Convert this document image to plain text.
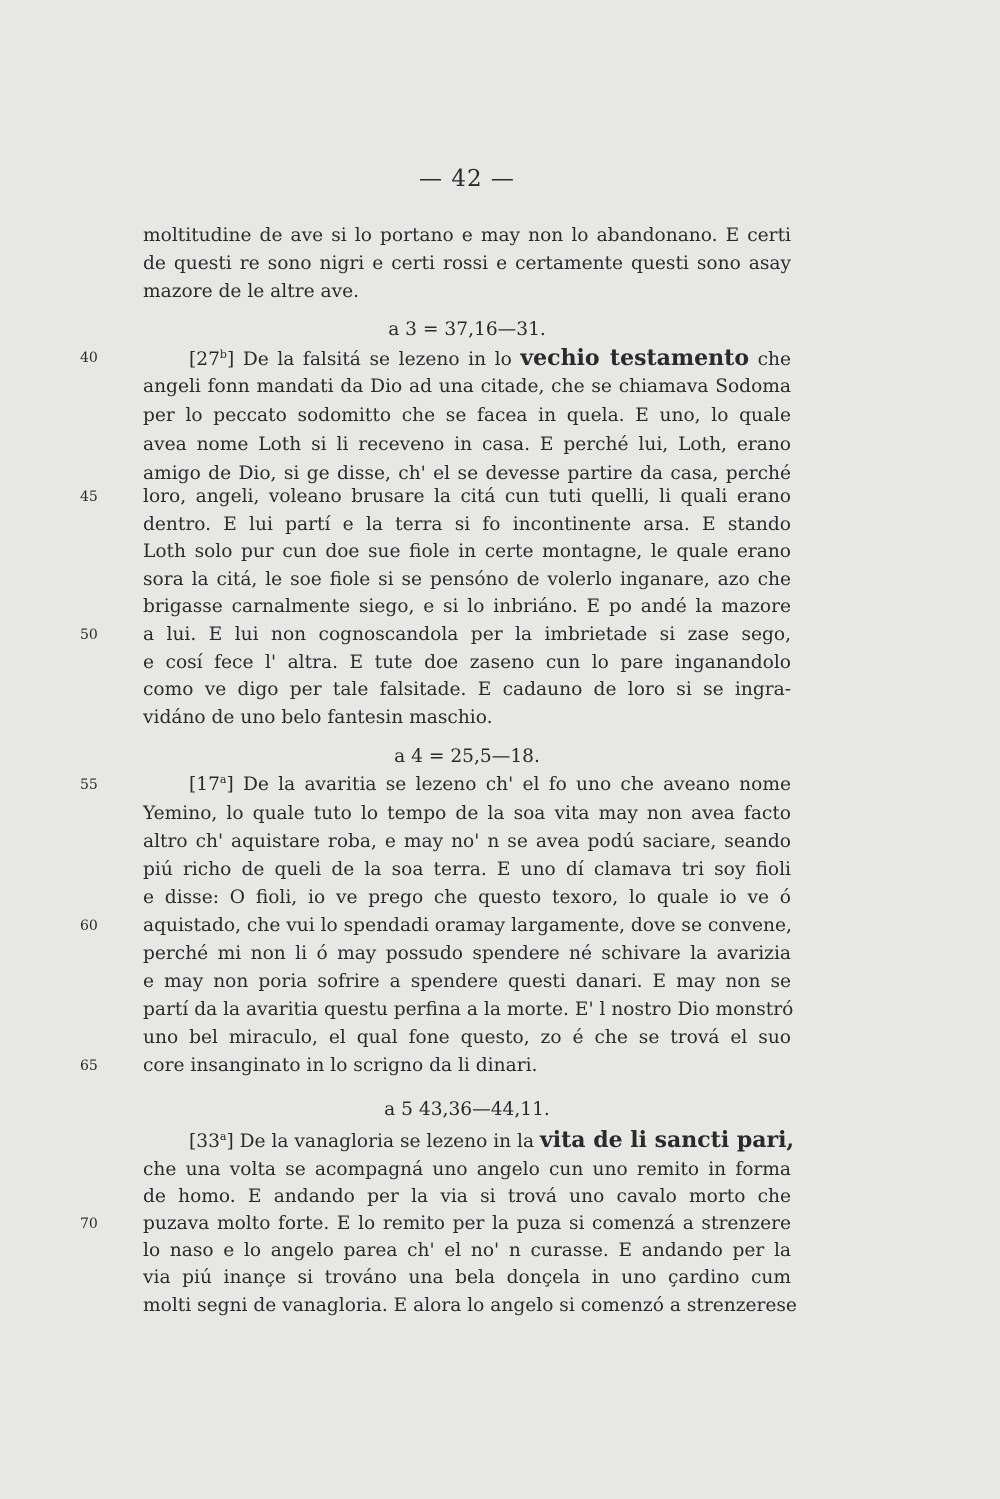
— 42 —
moltitudine de ave si lo portano e may non lo abandonano. E certi
de questi re sono nigri e certi rossi e certamente questi sono asay
mazore de le altre ave.
a 3 = 37,16—31.
40	[27$^b$] De la falsitá se lezeno in lo vechio testamento che
angeli fonn mandati da Dio ad una citade, che se chiamava Sodoma
per lo peccato sodomitto che se facea in quela. E uno, lo quale
avea nome Loth si li receveno in casa. E perché lui, Loth, erano
amigo de Dio, si ge disse, ch' el se devesse partire da casa, perché
45	loro, angeli, voleano brusare la citá cun tuti quelli, li quali erano
dentro. E lui partí e la terra si fo incontinente arsa. E stando
Loth solo pur cun doe sue fiole in certe montagne, le quale erano
sora la citá, le soe fiole si se pensóno de volerlo inganare, azo che
brigasse carnalmente siego, e si lo inbriáno. E po andé la mazore
50	a lui. E lui non cognoscandola per la imbrietade si zase sego,
e cosí fece l' altra. E tute doe zaseno cun lo pare inganandolo
como ve digo per tale falsitade. E cadauno de loro si se ingra-
vidáno de uno belo fantesin maschio.
a 4 = 25,5—18.
55	[17$^a$] De la avaritia se lezeno ch' el fo uno che aveano nome
Yemino, lo quale tuto lo tempo de la soa vita may non avea facto
altro ch' aquistare roba, e may no' n se avea podú saciare, seando
piú richo de queli de la soa terra. E uno dí clamava tri soy fioli
e disse: O fioli, io ve prego che questo texoro, lo quale io ve ó
60	aquistado, che vui lo spendadi oramay largamente, dove se convene,
perché mi non li ó may possudo spendere né schivare la avarizia
e may non poria sofrire a spendere questi danari. E may non se
partí da la avaritia questu perfina a la morte. E' l nostro Dio monstró
uno bel miraculo, el qual fone questo, zo é che se trová el suo
65	core insanginato in lo scrigno da li dinari.
a 5 43,36—44,11.
[33$^a$] De la vanagloria se lezeno in la vita de li sancti pari,
che una volta se acompagná uno angelo cun uno remito in forma
de homo. E andando per la via si trová uno cavalo morto che
70	puzava molto forte. E lo remito per la puza si comenzá a strenzere
lo naso e lo angelo parea ch' el no' n curasse. E andando per la
via piú inançe si trováno una bela donçela in uno çardino cum
molti segni de vanagloria. E alora lo angelo si comenzó a strenzerese
